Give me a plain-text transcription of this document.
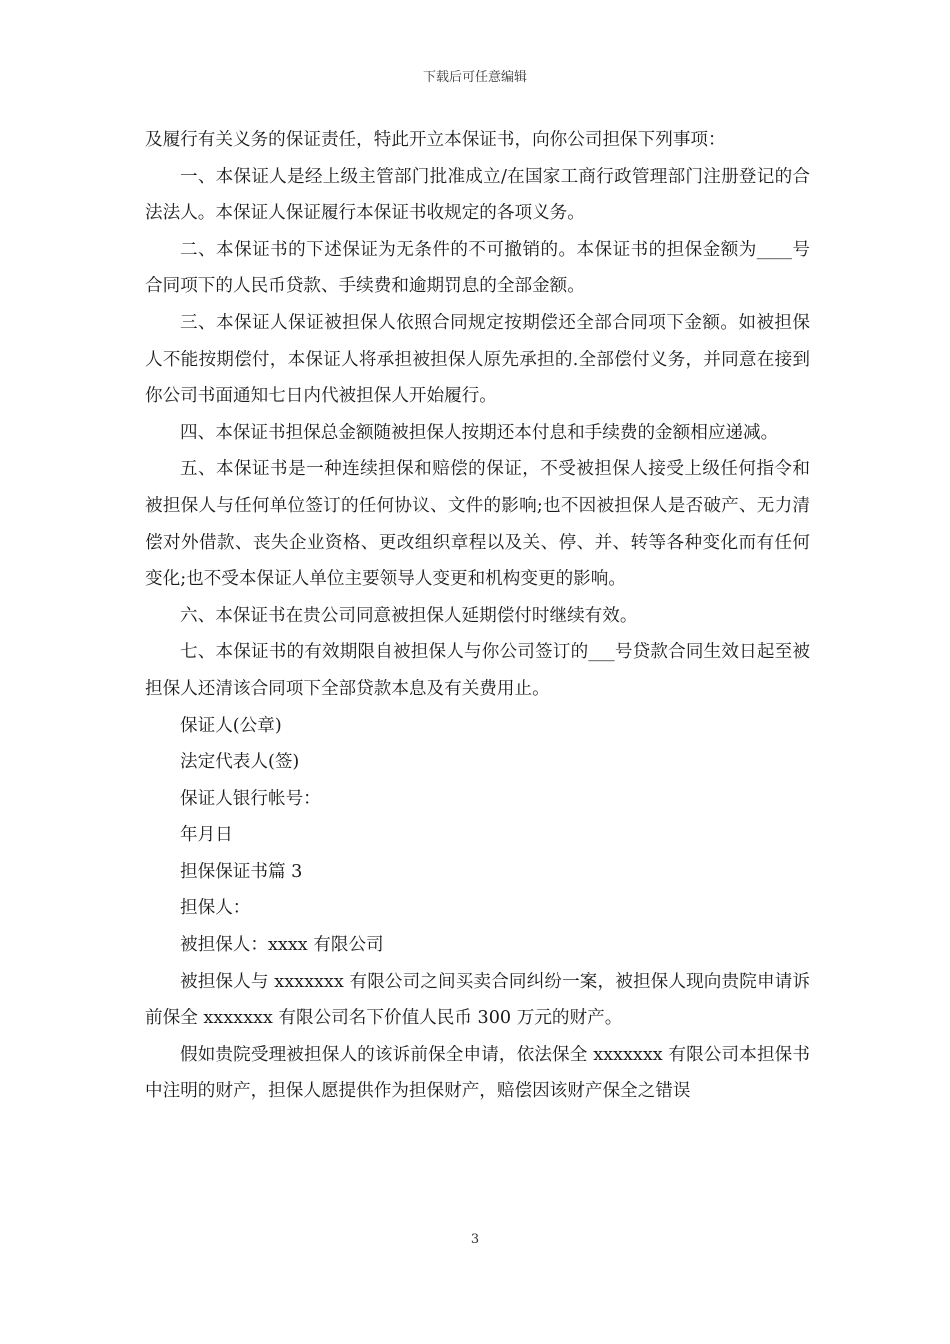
下载后可任意编辑

及履行有关义务的保证责任，特此开立本保证书，向你公司担保下列事项：

一、本保证人是经上级主管部门批准成立/在国家工商行政管理部门注册登记的合法法人。本保证人保证履行本保证书收规定的各项义务。

二、本保证书的下述保证为无条件的不可撤销的。本保证书的担保金额为____号合同项下的人民币贷款、手续费和逾期罚息的全部金额。

三、本保证人保证被担保人依照合同规定按期偿还全部合同项下金额。如被担保人不能按期偿付，本保证人将承担被担保人原先承担的.全部偿付义务，并同意在接到你公司书面通知七日内代被担保人开始履行。

四、本保证书担保总金额随被担保人按期还本付息和手续费的金额相应递减。

五、本保证书是一种连续担保和赔偿的保证，不受被担保人接受上级任何指令和被担保人与任何单位签订的任何协议、文件的影响;也不因被担保人是否破产、无力清偿对外借款、丧失企业资格、更改组织章程以及关、停、并、转等各种变化而有任何变化;也不受本保证人单位主要领导人变更和机构变更的影响。

六、本保证书在贵公司同意被担保人延期偿付时继续有效。

七、本保证书的有效期限自被担保人与你公司签订的___号贷款合同生效日起至被担保人还清该合同项下全部贷款本息及有关费用止。

保证人(公章)

法定代表人(签)

保证人银行帐号：

年月日

担保保证书篇 3

担保人：

被担保人：xxxx 有限公司

被担保人与 xxxxxxx 有限公司之间买卖合同纠纷一案，被担保人现向贵院申请诉前保全 xxxxxxx 有限公司名下价值人民币 300 万元的财产。

假如贵院受理被担保人的该诉前保全申请，依法保全 xxxxxxx 有限公司本担保书中注明的财产，担保人愿提供作为担保财产，赔偿因该财产保全之错误

3
